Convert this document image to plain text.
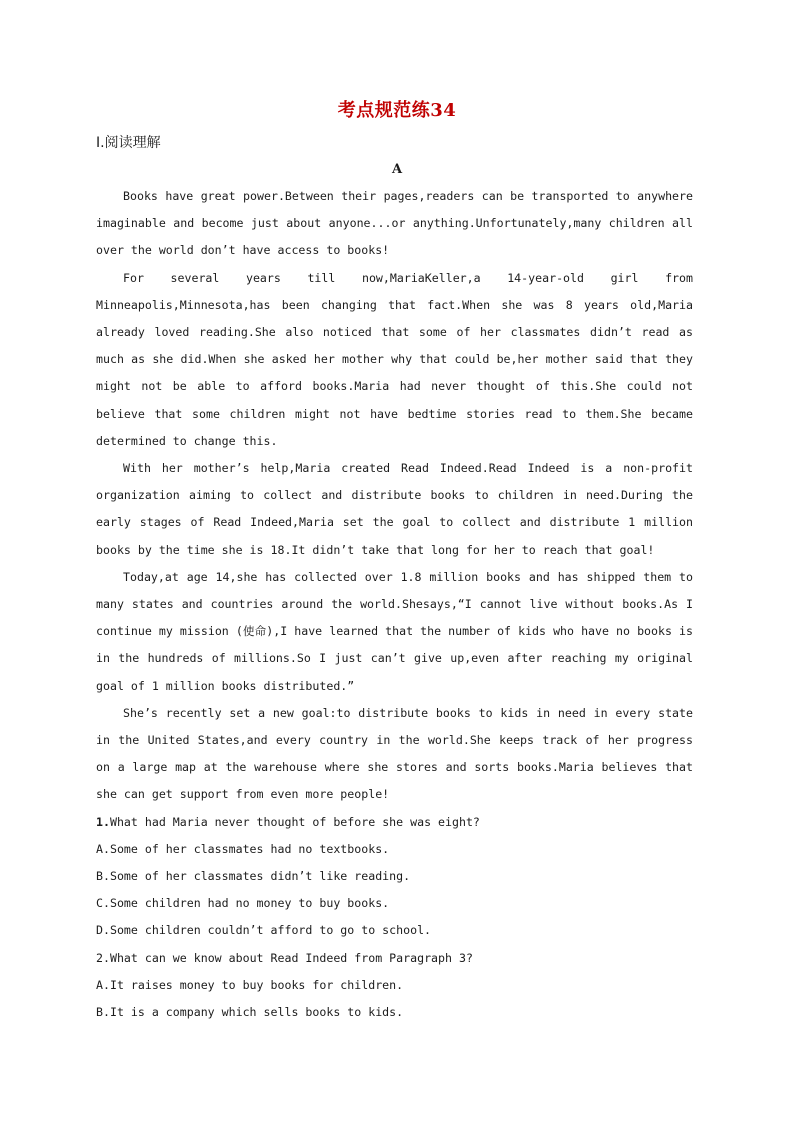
考点规范练34
Ⅰ.阅读理解
A

Books have great power.Between their pages,readers can be transported to anywhere imaginable and become just about anyone...or anything.Unfortunately,many children all over the world don’t have access to books!

For several years till now,MariaKeller,a 14-year-old girl from Minneapolis,Minnesota,has been changing that fact.When she was 8 years old,Maria already loved reading.She also noticed that some of her classmates didn’t read as much as she did.When she asked her mother why that could be,her mother said that they might not be able to afford books.Maria had never thought of this.She could not believe that some children might not have bedtime stories read to them.She became determined to change this.

With her mother’s help,Maria created Read Indeed.Read Indeed is a non-profit organization aiming to collect and distribute books to children in need.During the early stages of Read Indeed,Maria set the goal to collect and distribute 1 million books by the time she is 18.It didn’t take that long for her to reach that goal!

Today,at age 14,she has collected over 1.8 million books and has shipped them to many states and countries around the world.Shesays,“I cannot live without books.As I continue my mission (使命),I have learned that the number of kids who have no books is in the hundreds of millions.So I just can’t give up,even after reaching my original goal of 1 million books distributed.”

She’s recently set a new goal:to distribute books to kids in need in every state in the United States,and every country in the world.She keeps track of her progress on a large map at the warehouse where she stores and sorts books.Maria believes that she can get support from even more people!

1.What had Maria never thought of before she was eight?
A.Some of her classmates had no textbooks.
B.Some of her classmates didn’t like reading.
C.Some children had no money to buy books.
D.Some children couldn’t afford to go to school.
2.What can we know about Read Indeed from Paragraph 3?
A.It raises money to buy books for children.
B.It is a company which sells books to kids.
